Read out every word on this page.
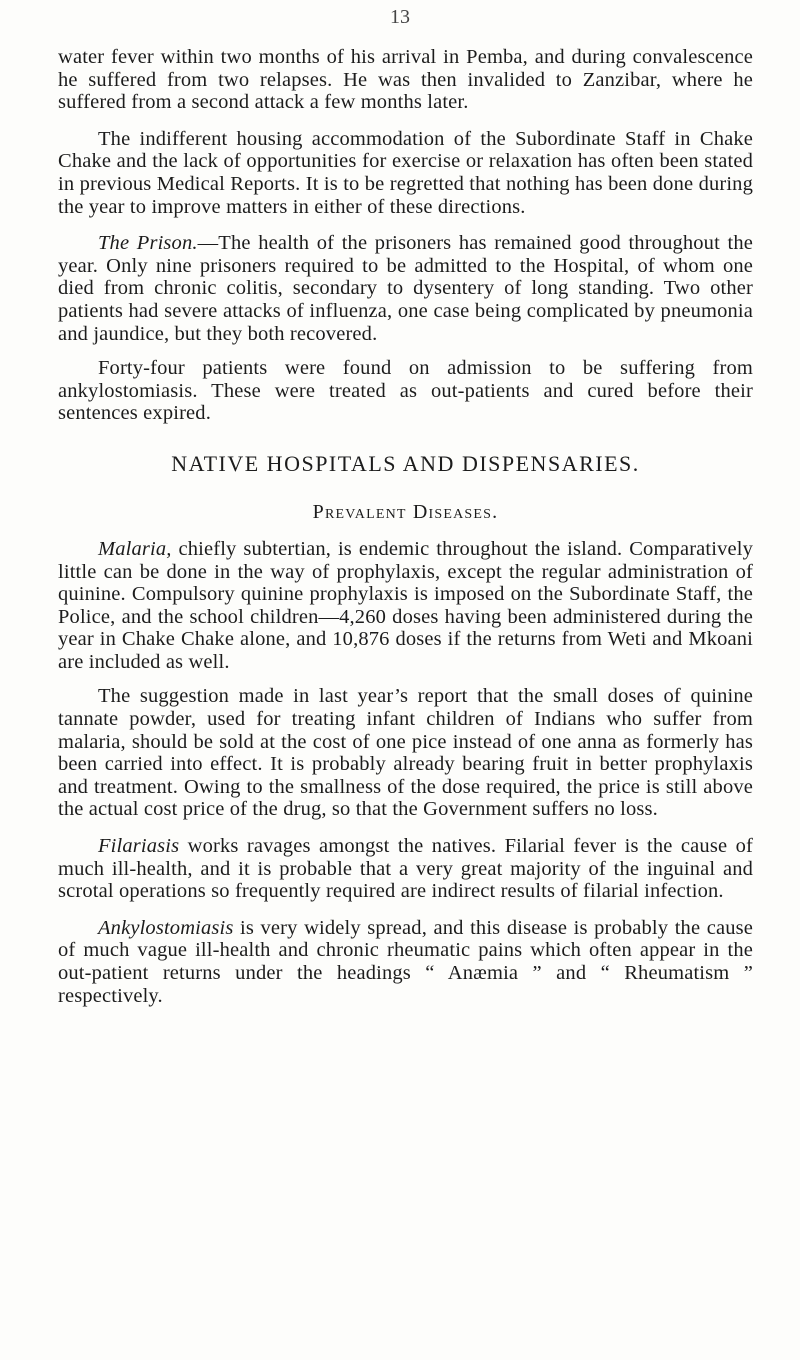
13

water fever within two months of his arrival in Pemba, and during convalescence he suffered from two relapses. He was then invalided to Zanzibar, where he suffered from a second attack a few months later.

The indifferent housing accommodation of the Subordinate Staff in Chake Chake and the lack of opportunities for exercise or relaxation has often been stated in previous Medical Reports. It is to be regretted that nothing has been done during the year to improve matters in either of these directions.

The Prison.—The health of the prisoners has remained good throughout the year. Only nine prisoners required to be admitted to the Hospital, of whom one died from chronic colitis, secondary to dysentery of long standing. Two other patients had severe attacks of influenza, one case being complicated by pneumonia and jaundice, but they both recovered.

Forty-four patients were found on admission to be suffering from ankylostomiasis. These were treated as out-patients and cured before their sentences expired.

NATIVE HOSPITALS AND DISPENSARIES.
Prevalent Diseases.

Malaria, chiefly subtertian, is endemic throughout the island. Comparatively little can be done in the way of prophylaxis, except the regular administration of quinine. Compulsory quinine prophylaxis is imposed on the Subordinate Staff, the Police, and the school children—4,260 doses having been administered during the year in Chake Chake alone, and 10,876 doses if the returns from Weti and Mkoani are included as well.

The suggestion made in last year’s report that the small doses of quinine tannate powder, used for treating infant children of Indians who suffer from malaria, should be sold at the cost of one pice instead of one anna as formerly has been carried into effect. It is probably already bearing fruit in better prophylaxis and treatment. Owing to the smallness of the dose required, the price is still above the actual cost price of the drug, so that the Government suffers no loss.

Filariasis works ravages amongst the natives. Filarial fever is the cause of much ill-health, and it is probable that a very great majority of the inguinal and scrotal operations so frequently required are indirect results of filarial infection.

Ankylostomiasis is very widely spread, and this disease is probably the cause of much vague ill-health and chronic rheumatic pains which often appear in the out-patient returns under the headings “ Anæmia ” and “ Rheumatism ” respectively.
